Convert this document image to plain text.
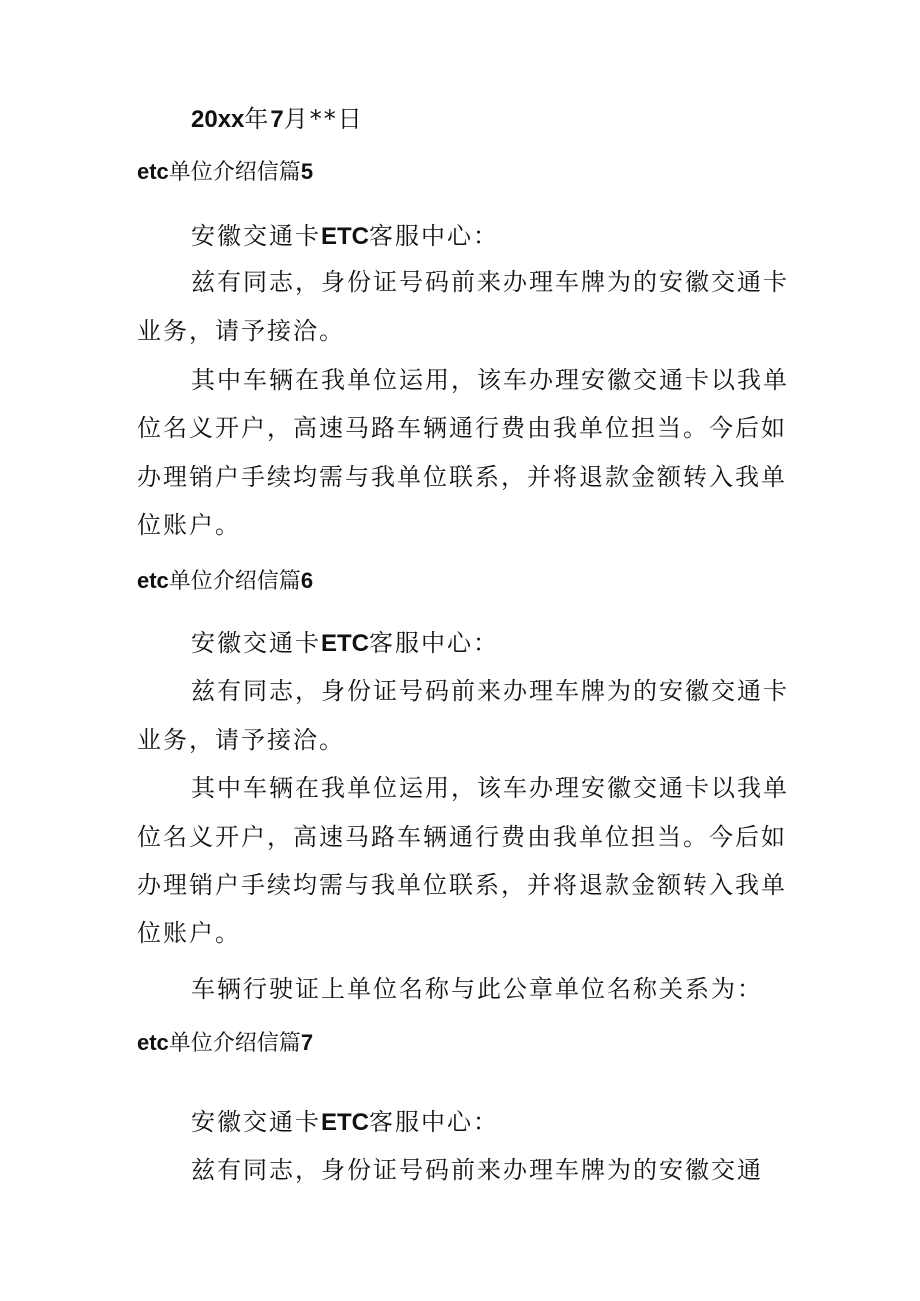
20xx年7月**日
etc单位介绍信篇5
安徽交通卡ETC客服中心：
兹有同志，身份证号码前来办理车牌为的安徽交通卡
业务，请予接洽。
其中车辆在我单位运用，该车办理安徽交通卡以我单
位名义开户，高速马路车辆通行费由我单位担当。今后如
办理销户手续均需与我单位联系，并将退款金额转入我单
位账户。
etc单位介绍信篇6
安徽交通卡ETC客服中心：
兹有同志，身份证号码前来办理车牌为的安徽交通卡
业务，请予接洽。
其中车辆在我单位运用，该车办理安徽交通卡以我单
位名义开户，高速马路车辆通行费由我单位担当。今后如
办理销户手续均需与我单位联系，并将退款金额转入我单
位账户。
车辆行驶证上单位名称与此公章单位名称关系为：
etc单位介绍信篇7
安徽交通卡ETC客服中心：
兹有同志，身份证号码前来办理车牌为的安徽交通
